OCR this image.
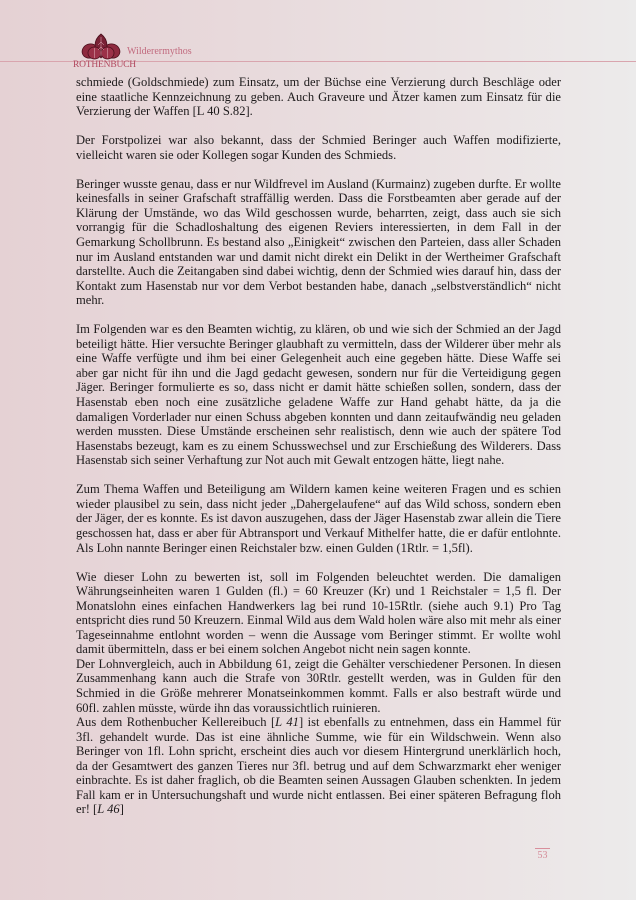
ROTHENBUCH
Wilderermythos

schmiede (Goldschmiede) zum Einsatz, um der Büchse eine Verzierung durch Beschläge oder eine staatliche Kennzeichnung zu geben. Auch Graveure und Ätzer kamen zum Einsatz für die Verzierung der Waffen [L 40 S.82].

Der Forstpolizei war also bekannt, dass der Schmied Beringer auch Waffen modifizierte, vielleicht waren sie oder Kollegen sogar Kunden des Schmieds.

Beringer wusste genau, dass er nur Wildfrevel im Ausland (Kurmainz) zugeben durfte. Er wollte keinesfalls in seiner Grafschaft straffällig werden. Dass die Forstbeamten aber gerade auf der Klärung der Umstände, wo das Wild geschossen wurde, beharrten, zeigt, dass auch sie sich vorrangig für die Schadloshaltung des eigenen Reviers interessierten, in dem Fall in der Gemarkung Schollbrunn. Es bestand also „Einigkeit“ zwischen den Parteien, dass aller Schaden nur im Ausland entstanden war und damit nicht direkt ein Delikt in der Wertheimer Grafschaft darstellte. Auch die Zeitangaben sind dabei wichtig, denn der Schmied wies darauf hin, dass der Kontakt zum Hasenstab nur vor dem Verbot bestanden habe, danach „selbstverständlich“ nicht mehr.

Im Folgenden war es den Beamten wichtig, zu klären, ob und wie sich der Schmied an der Jagd beteiligt hätte. Hier versuchte Beringer glaubhaft zu vermitteln, dass der Wilderer über mehr als eine Waffe verfügte und ihm bei einer Gelegenheit auch eine gegeben hätte. Diese Waffe sei aber gar nicht für ihn und die Jagd gedacht gewesen, sondern nur für die Verteidigung gegen Jäger. Beringer formulierte es so, dass nicht er damit hätte schießen sollen, sondern, dass der Hasenstab eben noch eine zusätzliche geladene Waffe zur Hand gehabt hätte, da ja die damaligen Vorderlader nur einen Schuss abgeben konnten und dann zeitaufwändig neu geladen werden mussten. Diese Umstände erscheinen sehr realistisch, denn wie auch der spätere Tod Hasenstabs bezeugt, kam es zu einem Schusswechsel und zur Erschießung des Wilderers. Dass Hasenstab sich seiner Verhaftung zur Not auch mit Gewalt entzogen hätte, liegt nahe.

Zum Thema Waffen und Beteiligung am Wildern kamen keine weiteren Fragen und es schien wieder plausibel zu sein, dass nicht jeder „Dahergelaufene“ auf das Wild schoss, sondern eben der Jäger, der es konnte. Es ist davon auszugehen, dass der Jäger Hasenstab zwar allein die Tiere geschossen hat, dass er aber für Abtransport und Verkauf Mithelfer hatte, die er dafür entlohnte. Als Lohn nannte Beringer einen Reichstaler bzw. einen Gulden (1Rtlr. = 1,5fl).

Wie dieser Lohn zu bewerten ist, soll im Folgenden beleuchtet werden. Die damaligen Währungseinheiten waren 1 Gulden (fl.) = 60 Kreuzer (Kr) und 1 Reichstaler = 1,5 fl. Der Monatslohn eines einfachen Handwerkers lag bei rund 10-15Rtlr. (siehe auch 9.1) Pro Tag entspricht dies rund 50 Kreuzern. Einmal Wild aus dem Wald holen wäre also mit mehr als einer Tageseinnahme entlohnt worden – wenn die Aussage vom Beringer stimmt. Er wollte wohl damit übermitteln, dass er bei einem solchen Angebot nicht nein sagen konnte.

Der Lohnvergleich, auch in Abbildung 61, zeigt die Gehälter verschiedener Personen. In diesen Zusammenhang kann auch die Strafe von 30Rtlr. gestellt werden, was in Gulden für den Schmied in die Größe mehrerer Monatseinkommen kommt. Falls er also bestraft würde und 60fl. zahlen müsste, würde ihn das voraussichtlich ruinieren.

Aus dem Rothenbucher Kellereibuch [L 41] ist ebenfalls zu entnehmen, dass ein Hammel für 3fl. gehandelt wurde. Das ist eine ähnliche Summe, wie für ein Wildschwein. Wenn also Beringer von 1fl. Lohn spricht, erscheint dies auch vor diesem Hintergrund unerklärlich hoch, da der Gesamtwert des ganzen Tieres nur 3fl. betrug und auf dem Schwarzmarkt eher weniger einbrachte. Es ist daher fraglich, ob die Beamten seinen Aussagen Glauben schenkten. In jedem Fall kam er in Untersuchungshaft und wurde nicht entlassen. Bei einer späteren Befragung floh er! [L 46]

53
